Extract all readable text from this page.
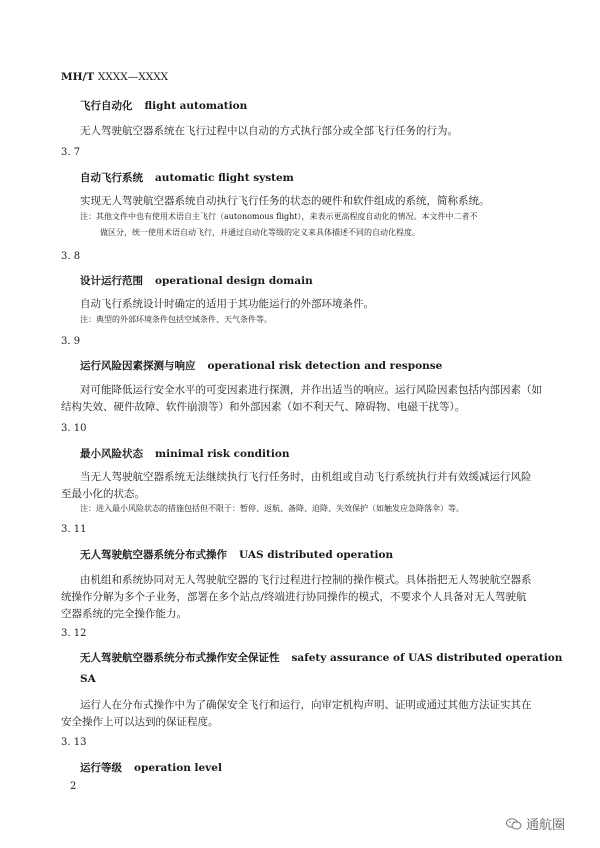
MH/T XXXX—XXXX
飞行自动化 flight automation
无人驾驶航空器系统在飞行过程中以自动的方式执行部分或全部飞行任务的行为。
3. 7
自动飞行系统 automatic flight system
实现无人驾驶航空器系统自动执行飞行任务的状态的硬件和软件组成的系统，简称系统。
注：其他文件中也有使用术语自主飞行（autonomous flight），来表示更高程度自动化的情况。本文件中二者不
做区分，统一使用术语自动飞行，并通过自动化等级的定义来具体描述不同的自动化程度。
3. 8
设计运行范围 operational design domain
自动飞行系统设计时确定的适用于其功能运行的外部环境条件。
注：典型的外部环境条件包括空域条件、天气条件等。
3. 9
运行风险因素探测与响应 operational risk detection and response
对可能降低运行安全水平的可变因素进行探测，并作出适当的响应。运行风险因素包括内部因素（如
结构失效、硬件故障、软件崩溃等）和外部因素（如不利天气、障碍物、电磁干扰等）。
3. 10
最小风险状态 minimal risk condition
当无人驾驶航空器系统无法继续执行飞行任务时，由机组或自动飞行系统执行并有效缓减运行风险
至最小化的状态。
注：进入最小风险状态的措施包括但不限于：暂停、返航、备降、迫降、失效保护（如触发应急降落伞）等。
3. 11
无人驾驶航空器系统分布式操作 UAS distributed operation
由机组和系统协同对无人驾驶航空器的飞行过程进行控制的操作模式。具体指把无人驾驶航空器系
统操作分解为多个子业务，部署在多个站点/终端进行协同操作的模式，不要求个人具备对无人驾驶航
空器系统的完全操作能力。
3. 12
无人驾驶航空器系统分布式操作安全保证性 safety assurance of UAS distributed operation
SA
运行人在分布式操作中为了确保安全飞行和运行，向审定机构声明、证明或通过其他方法证实其在
安全操作上可以达到的保证程度。
3. 13
运行等级 operation level
2
通航圈
